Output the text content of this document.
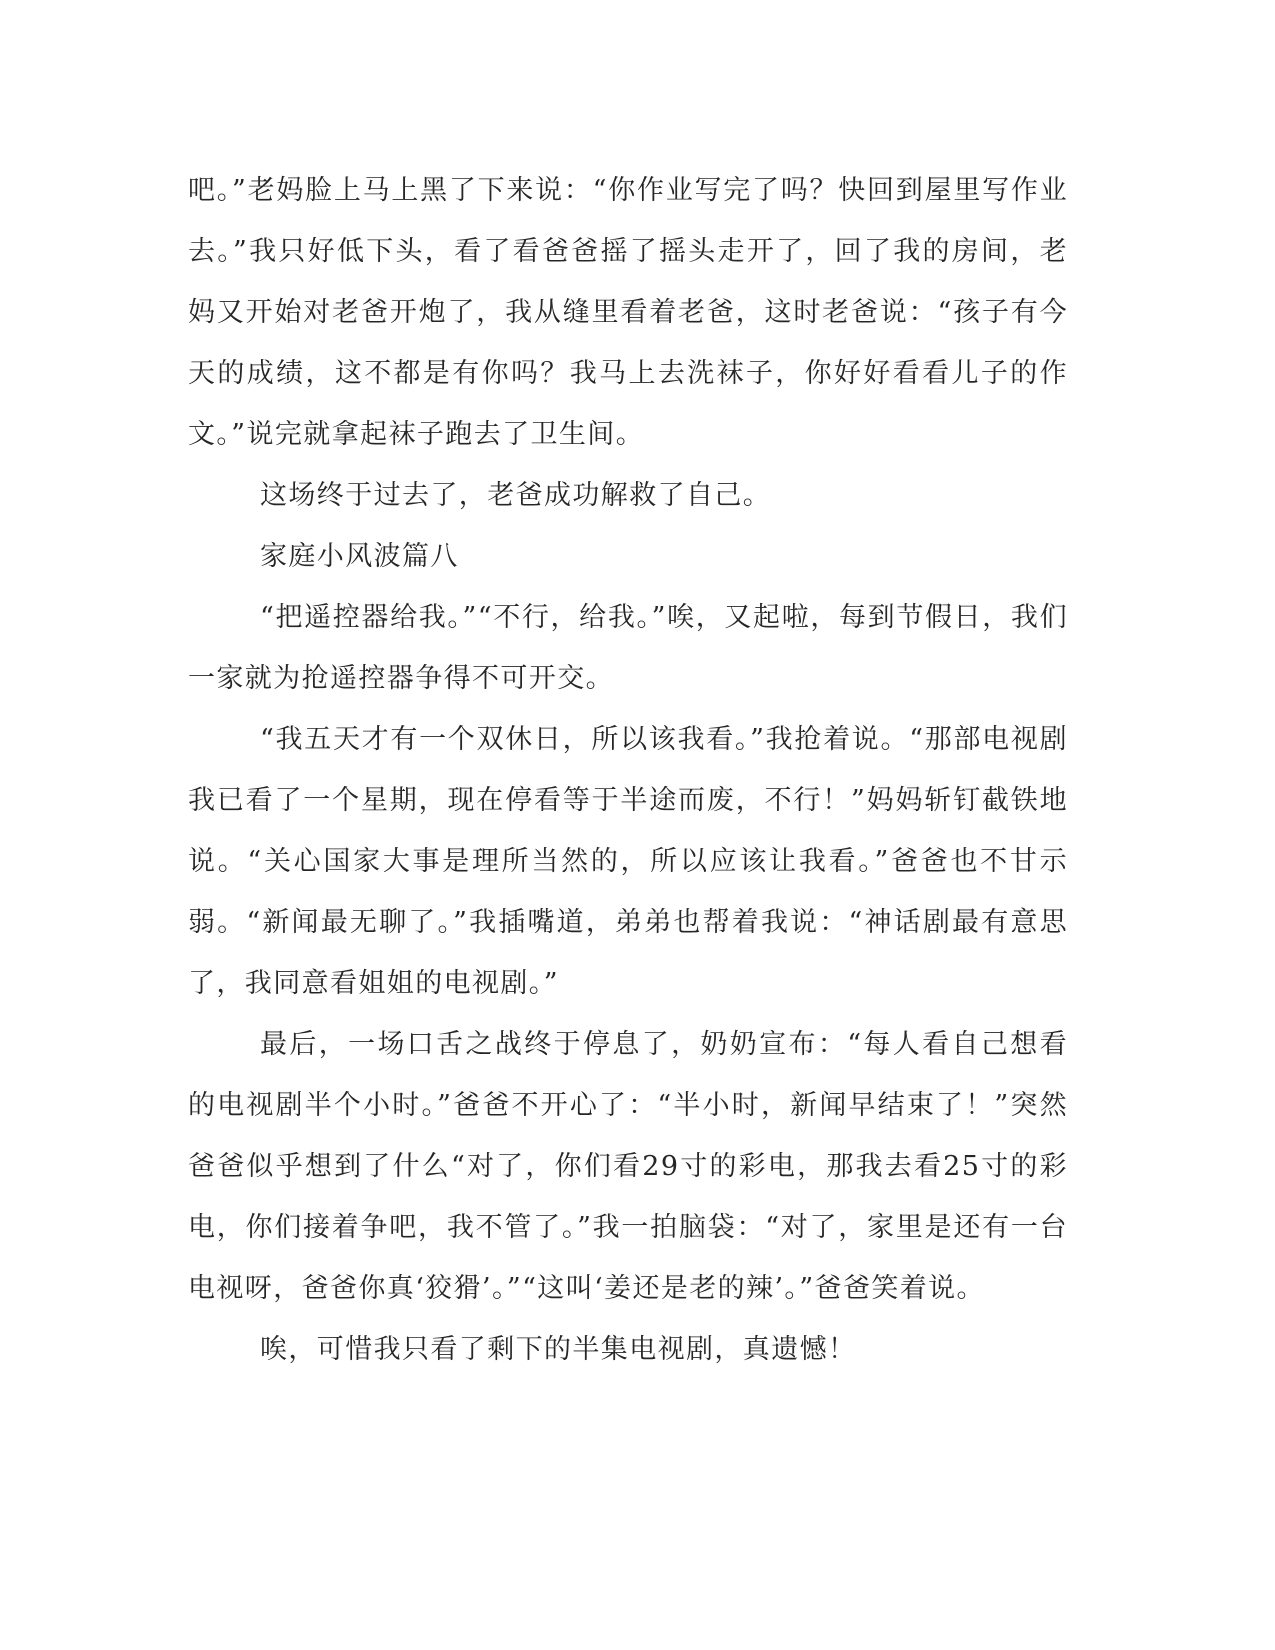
吧。”老妈脸上马上黑了下来说：“你作业写完了吗？快回到屋里写作业去。”我只好低下头，看了看爸爸摇了摇头走开了，回了我的房间，老妈又开始对老爸开炮了，我从缝里看着老爸，这时老爸说：“孩子有今天的成绩，这不都是有你吗？我马上去洗袜子，你好好看看儿子的作文。”说完就拿起袜子跑去了卫生间。

这场终于过去了，老爸成功解救了自己。

家庭小风波篇八

“把遥控器给我。”“不行，给我。”唉，又起啦，每到节假日，我们一家就为抢遥控器争得不可开交。

“我五天才有一个双休日，所以该我看。”我抢着说。“那部电视剧我已看了一个星期，现在停看等于半途而废，不行！”妈妈斩钉截铁地说。“关心国家大事是理所当然的，所以应该让我看。”爸爸也不甘示弱。“新闻最无聊了。”我插嘴道，弟弟也帮着我说：“神话剧最有意思了，我同意看姐姐的电视剧。”

最后，一场口舌之战终于停息了，奶奶宣布：“每人看自己想看的电视剧半个小时。”爸爸不开心了：“半小时，新闻早结束了！”突然爸爸似乎想到了什么“对了，你们看29寸的彩电，那我去看25寸的彩电，你们接着争吧，我不管了。”我一拍脑袋：“对了，家里是还有一台电视呀，爸爸你真‘狡猾’。”“这叫‘姜还是老的辣’。”爸爸笑着说。

唉，可惜我只看了剩下的半集电视剧，真遗憾！
